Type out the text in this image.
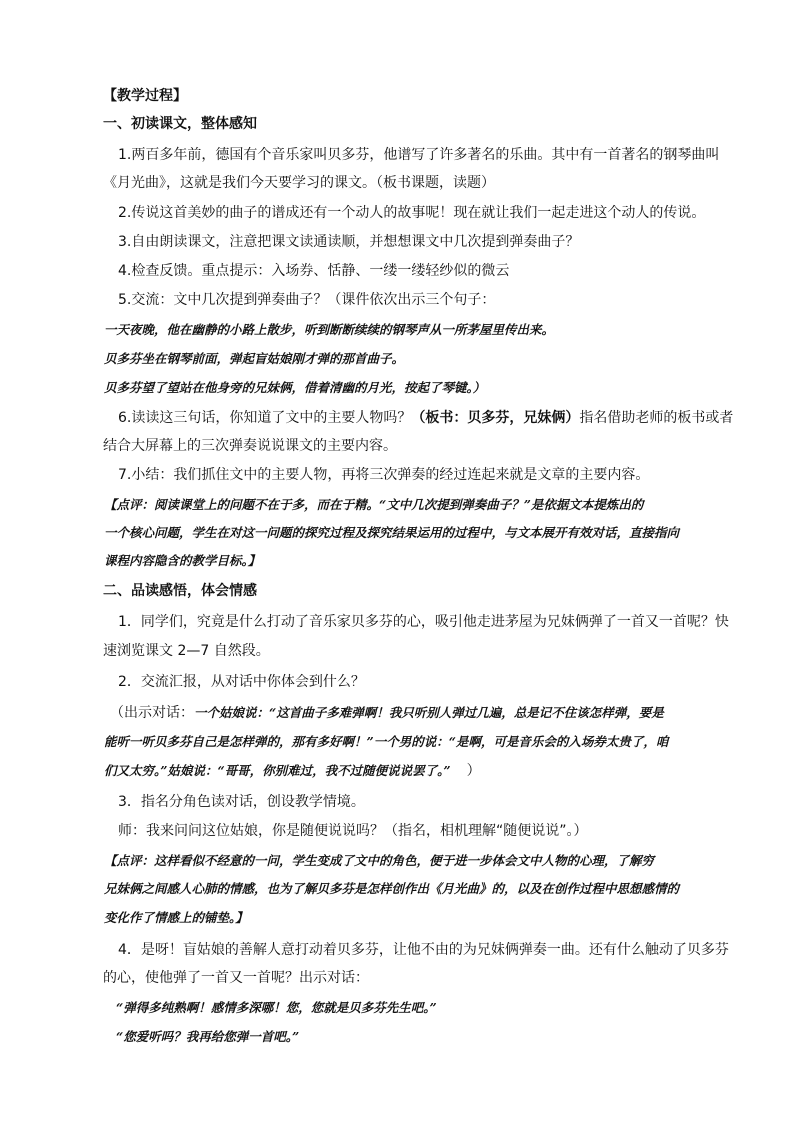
【教学过程】
一、初读课文，整体感知
1.两百多年前，德国有个音乐家叫贝多芬，他谱写了许多著名的乐曲。其中有一首著名的钢琴曲叫
《月光曲》，这就是我们今天要学习的课文。（板书课题，读题）
2.传说这首美妙的曲子的谱成还有一个动人的故事呢！现在就让我们一起走进这个动人的传说。
3.自由朗读课文，注意把课文读通读顺，并想想课文中几次提到弹奏曲子？
4.检查反馈。重点提示：入场券、恬静、一缕一缕轻纱似的微云
5.交流：文中几次提到弹奏曲子？（课件依次出示三个句子：
一天夜晚，他在幽静的小路上散步，听到断断续续的钢琴声从一所茅屋里传出来。
贝多芬坐在钢琴前面，弹起盲姑娘刚才弹的那首曲子。
贝多芬望了望站在他身旁的兄妹俩，借着清幽的月光，按起了琴键。）
6.读读这三句话，你知道了文中的主要人物吗？（板书：贝多芬，兄妹俩）指名借助老师的板书或者
结合大屏幕上的三次弹奏说说课文的主要内容。
7.小结：我们抓住文中的主要人物，再将三次弹奏的经过连起来就是文章的主要内容。
【点评：阅读课堂上的问题不在于多，而在于精。“文中几次提到弹奏曲子？”是依据文本提炼出的
一个核心问题，学生在对这一问题的探究过程及探究结果运用的过程中，与文本展开有效对话，直接指向
课程内容隐含的教学目标。】
二、品读感悟，体会情感
1．同学们，究竟是什么打动了音乐家贝多芬的心，吸引他走进茅屋为兄妹俩弹了一首又一首呢？快
速浏览课文 2—7 自然段。
2．交流汇报，从对话中你体会到什么？
（出示对话：一个姑娘说：“这首曲子多难弹啊！我只听别人弹过几遍，总是记不住该怎样弹，要是
能听一听贝多芬自己是怎样弹的，那有多好啊！”一个男的说：“是啊，可是音乐会的入场券太贵了，咱
们又太穷。”姑娘说：“哥哥，你别难过，我不过随便说说罢了。” ）
3．指名分角色读对话，创设教学情境。
师：我来问问这位姑娘，你是随便说说吗？（指名，相机理解“随便说说”。）
【点评：这样看似不经意的一问，学生变成了文中的角色，便于进一步体会文中人物的心理，了解穷
兄妹俩之间感人心肺的情感，也为了解贝多芬是怎样创作出《月光曲》的，以及在创作过程中思想感情的
变化作了情感上的铺垫。】
4．是呀！盲姑娘的善解人意打动着贝多芬，让他不由的为兄妹俩弹奏一曲。还有什么触动了贝多芬
的心，使他弹了一首又一首呢？出示对话：
“弹得多纯熟啊！感情多深哪！您，您就是贝多芬先生吧。”
“您爱听吗？我再给您弹一首吧。”
